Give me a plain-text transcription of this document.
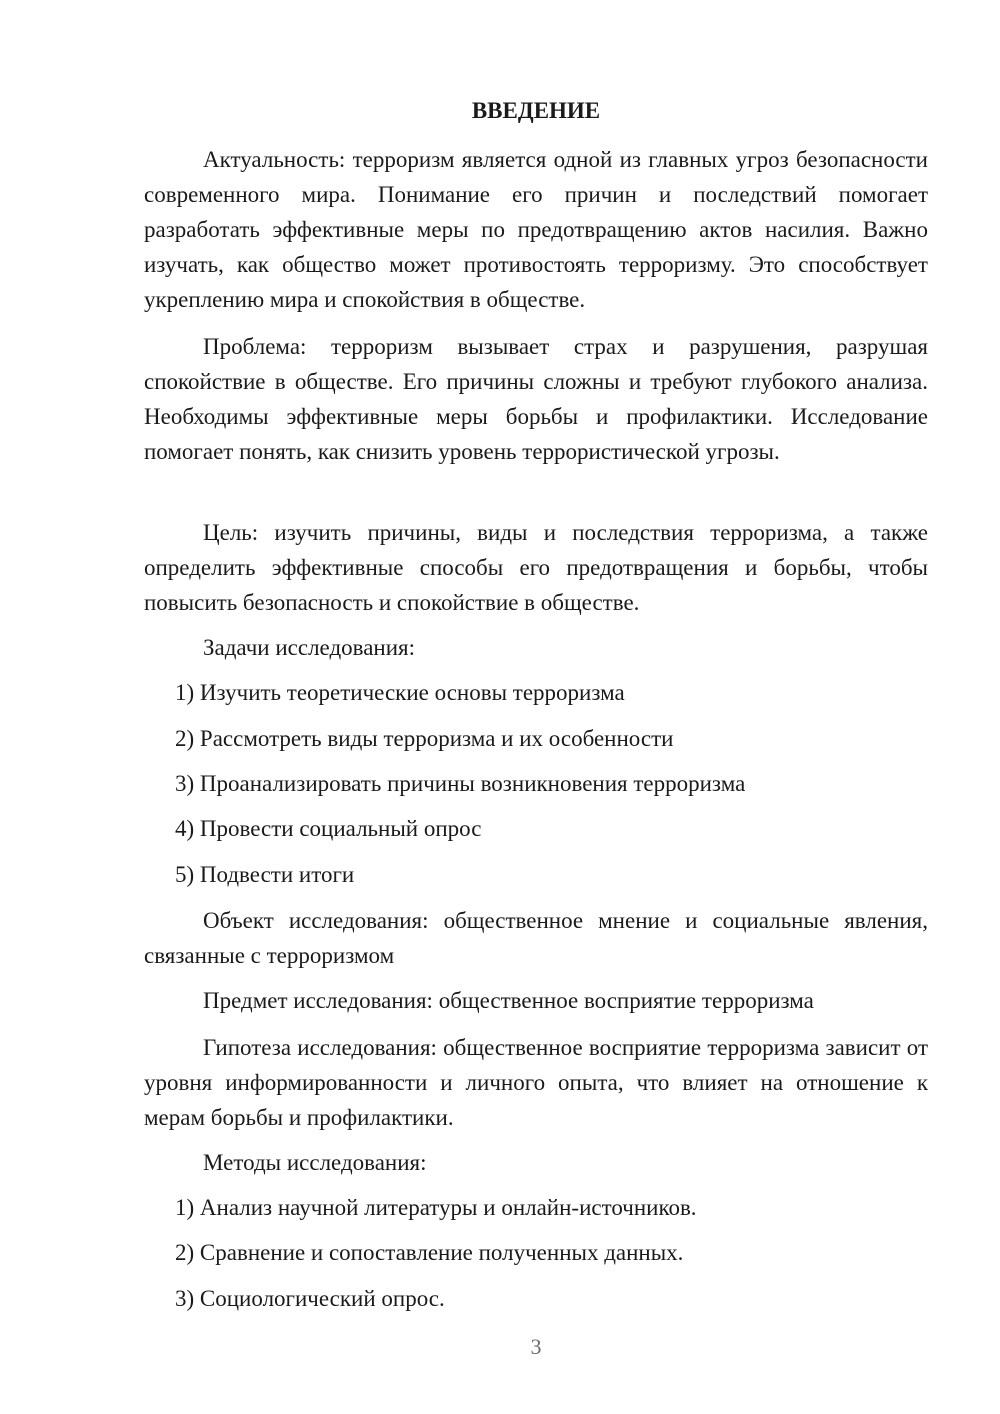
ВВЕДЕНИЕ

Актуальность: терроризм является одной из главных угроз безопасности современного мира. Понимание его причин и последствий помогает разработать эффективные меры по предотвращению актов насилия. Важно изучать, как общество может противостоять терроризму. Это способствует укреплению мира и спокойствия в обществе.

Проблема: терроризм вызывает страх и разрушения, разрушая спокойствие в обществе. Его причины сложны и требуют глубокого анализа. Необходимы эффективные меры борьбы и профилактики. Исследование помогает понять, как снизить уровень террористической угрозы.

Цель: изучить причины, виды и последствия терроризма, а также определить эффективные способы его предотвращения и борьбы, чтобы повысить безопасность и спокойствие в обществе.

Задачи исследования:
1) Изучить теоретические основы терроризма
2) Рассмотреть виды терроризма и их особенности
3) Проанализировать причины возникновения терроризма
4) Провести социальный опрос
5) Подвести итоги

Объект исследования: общественное мнение и социальные явления, связанные с терроризмом

Предмет исследования: общественное восприятие терроризма

Гипотеза исследования: общественное восприятие терроризма зависит от уровня информированности и личного опыта, что влияет на отношение к мерам борьбы и профилактики.

Методы исследования:
1) Анализ научной литературы и онлайн-источников.
2) Сравнение и сопоставление полученных данных.
3) Социологический опрос.
3
